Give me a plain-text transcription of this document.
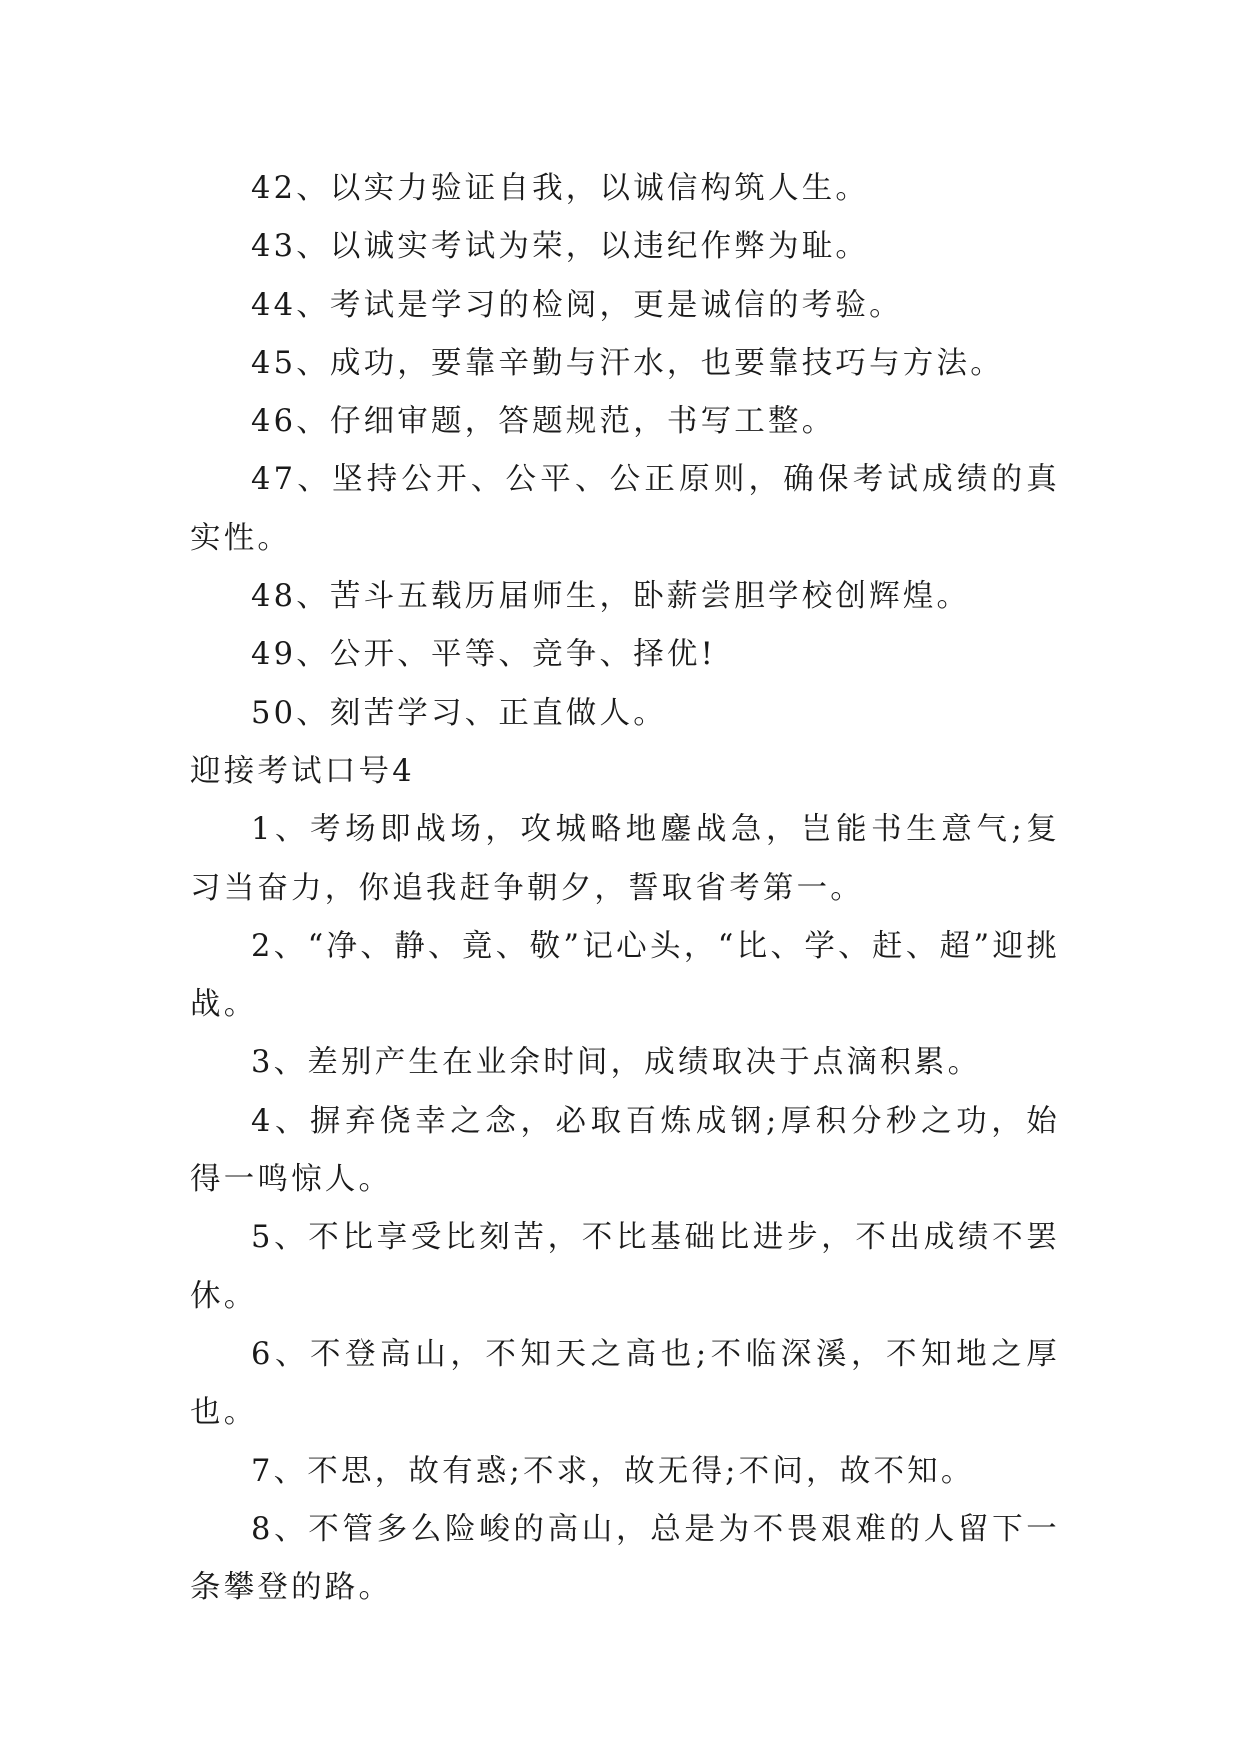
42、以实力验证自我，以诚信构筑人生。

43、以诚实考试为荣，以违纪作弊为耻。

44、考试是学习的检阅，更是诚信的考验。

45、成功，要靠辛勤与汗水，也要靠技巧与方法。

46、仔细审题，答题规范，书写工整。

47、坚持公开、公平、公正原则，确保考试成绩的真实性。

48、苦斗五载历届师生，卧薪尝胆学校创辉煌。

49、公开、平等、竞争、择优!

50、刻苦学习、正直做人。

迎接考试口号4

1、考场即战场，攻城略地鏖战急，岂能书生意气;复习当奋力，你追我赶争朝夕，誓取省考第一。

2、“净、静、竟、敬”记心头，“比、学、赶、超”迎挑战。

3、差别产生在业余时间，成绩取决于点滴积累。

4、摒弃侥幸之念，必取百炼成钢;厚积分秒之功，始得一鸣惊人。

5、不比享受比刻苦，不比基础比进步，不出成绩不罢休。

6、不登高山，不知天之高也;不临深溪，不知地之厚也。

7、不思，故有惑;不求，故无得;不问，故不知。

8、不管多么险峻的高山，总是为不畏艰难的人留下一条攀登的路。
